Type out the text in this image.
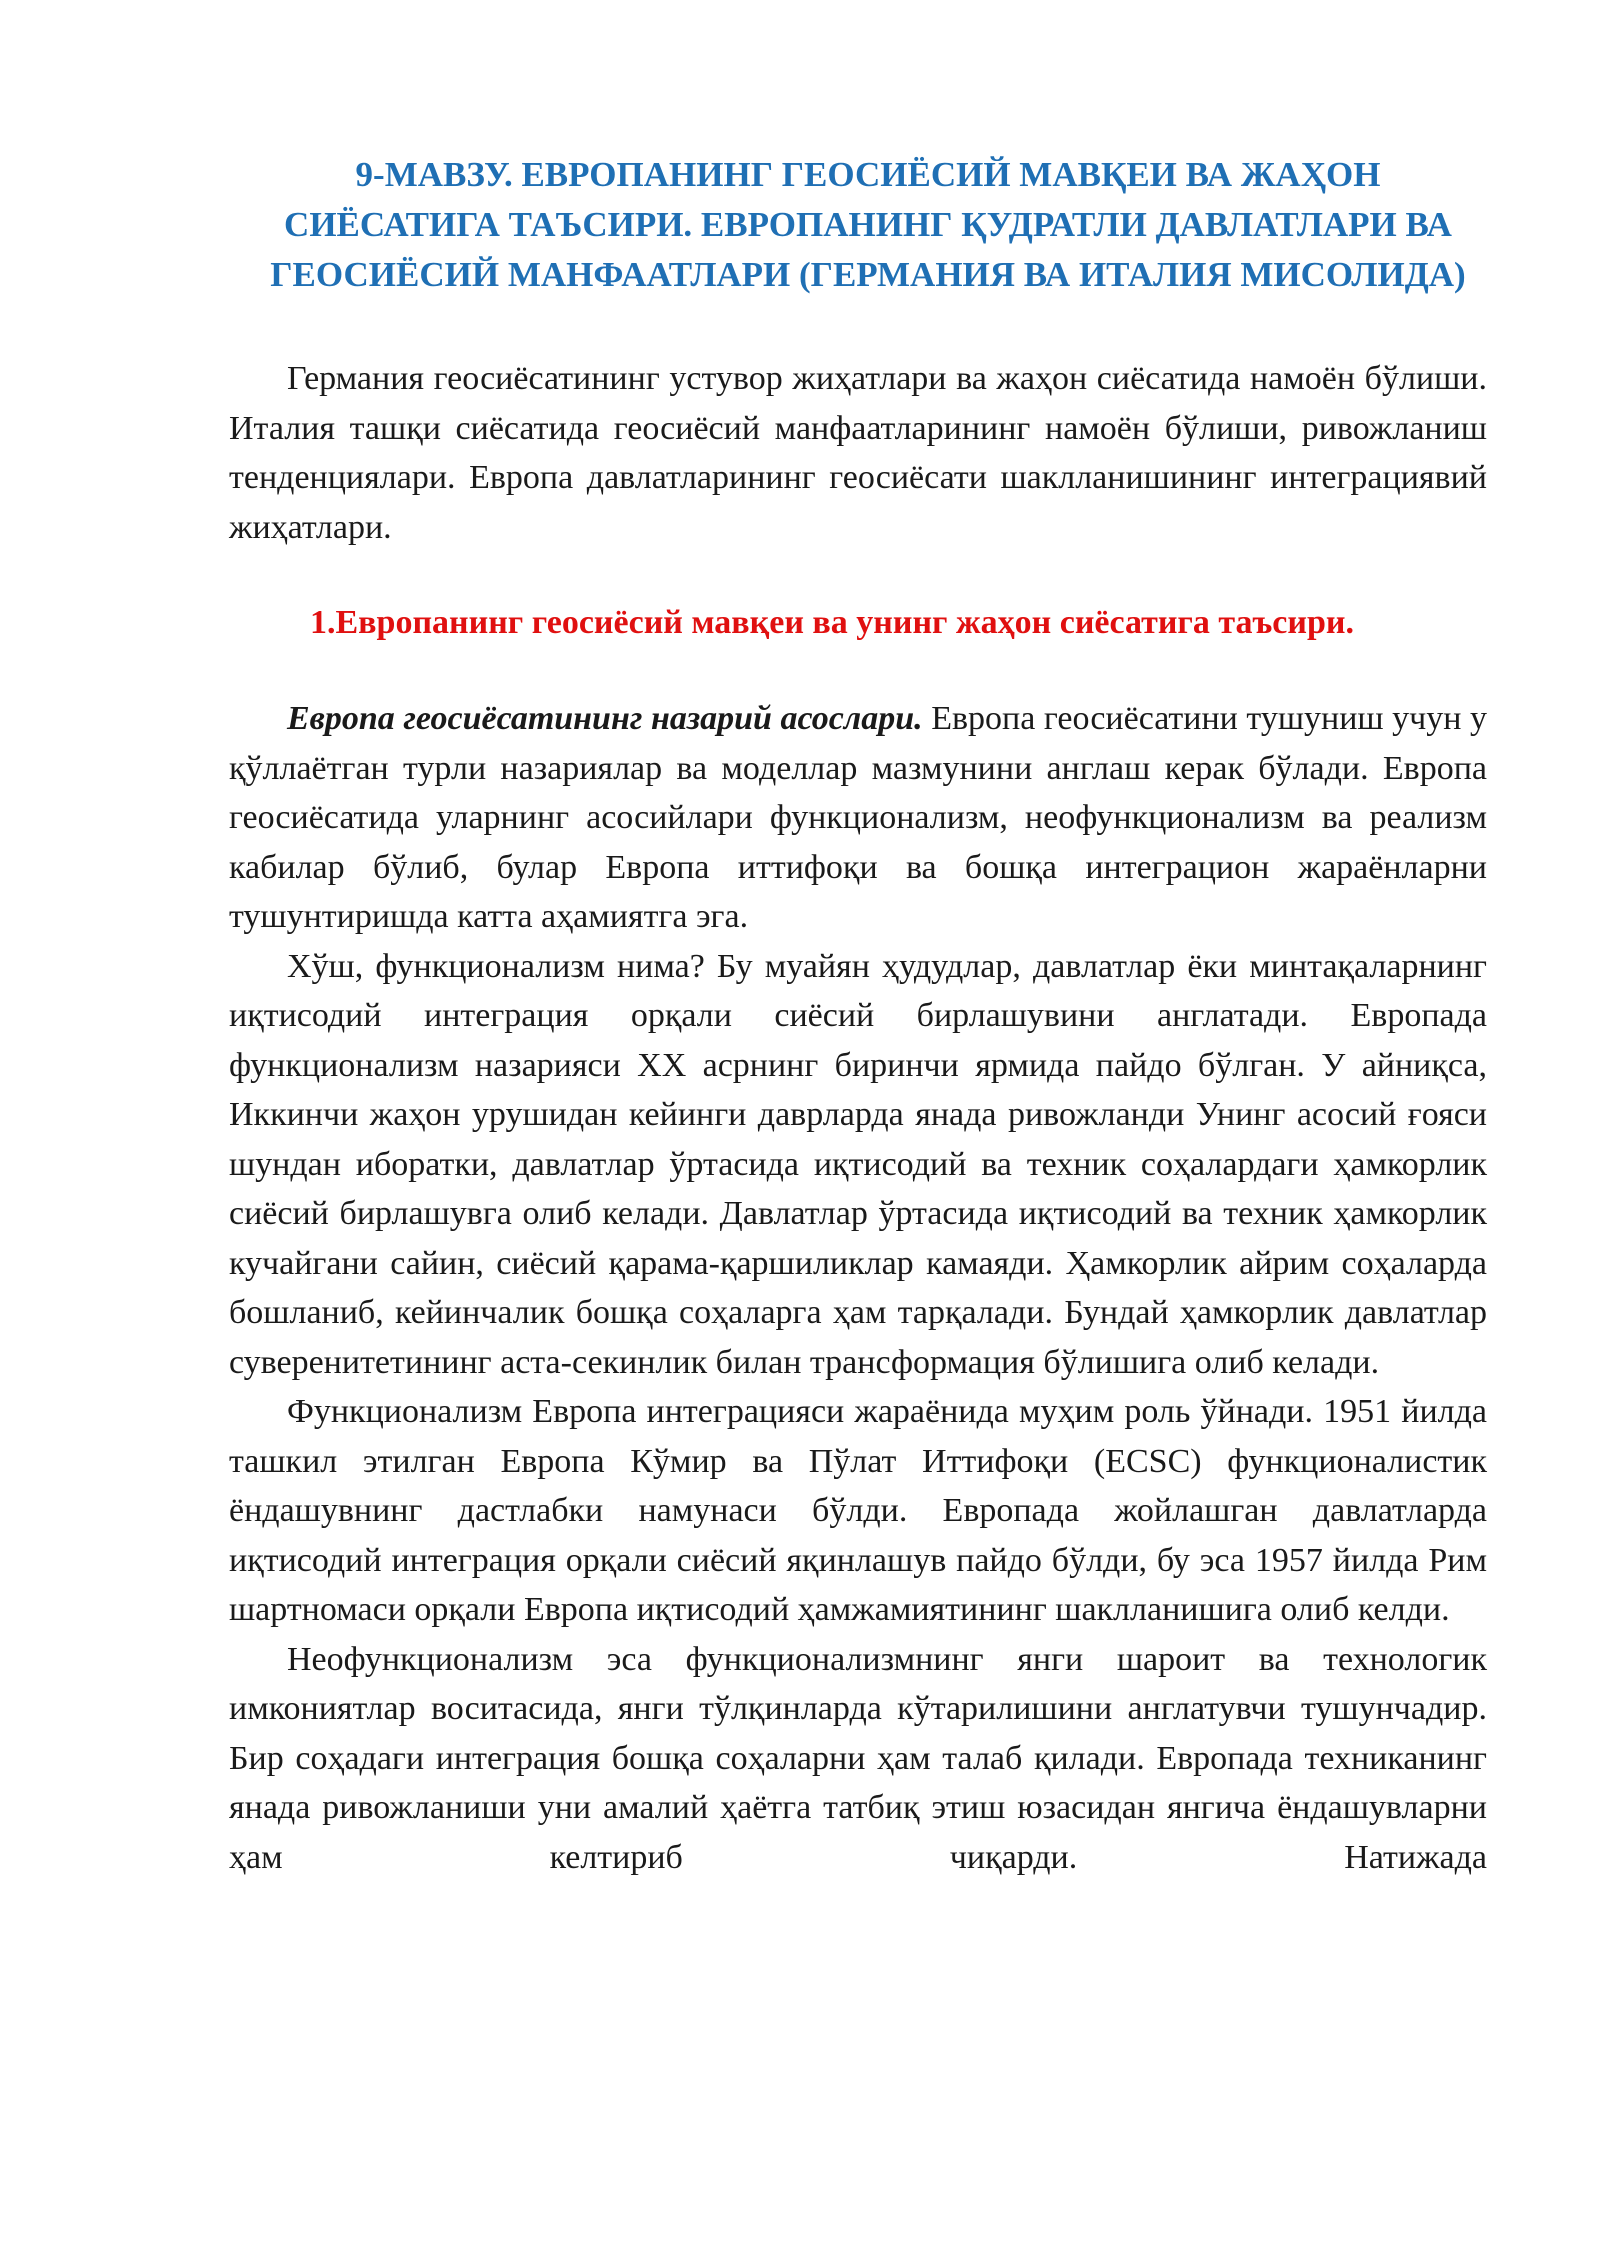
9-МАВЗУ. ЕВРОПАНИНГ ГЕОСИЁСИЙ МАВҚЕИ ВА ЖАҲОН СИЁСАТИГА ТАЪСИРИ. ЕВРОПАНИНГ ҚУДРАТЛИ ДАВЛАТЛАРИ ВА ГЕОСИЁСИЙ МАНФААТЛАРИ (ГЕРМАНИЯ ВА ИТАЛИЯ МИСОЛИДА)

Германия геосиёсатининг устувор жиҳатлари ва жаҳон сиёсатида намоён бўлиши. Италия ташқи сиёсатида геосиёсий манфаатларининг намоён бўлиши, ривожланиш тенденциялари. Европа давлатларининг геосиёсати шаклланишининг интеграциявий жиҳатлари.

1.Европанинг геосиёсий мавқеи ва унинг жаҳон сиёсатига таъсири.

Европа геосиёсатининг назарий асослари. Европа геосиёсатини тушуниш учун у қўллаётган турли назариялар ва моделлар мазмунини англаш керак бўлади. Европа геосиёсатида уларнинг асосийлари функционализм, неофункционализм ва реализм кабилар бўлиб, булар Европа иттифоқи ва бошқа интеграцион жараёнларни тушунтиришда катта аҳамиятга эга.

Хўш, функционализм нима? Бу муайян ҳудудлар, давлатлар ёки минтақаларнинг иқтисодий интеграция орқали сиёсий бирлашувини англатади. Европада функционализм назарияси XX асрнинг биринчи ярмида пайдо бўлган. У айниқса, Иккинчи жаҳон урушидан кейинги даврларда янада ривожланди Унинг асосий ғояси шундан иборатки, давлатлар ўртасида иқтисодий ва техник соҳалардаги ҳамкорлик сиёсий бирлашувга олиб келади. Давлатлар ўртасида иқтисодий ва техник ҳамкорлик кучайгани сайин, сиёсий қарама-қаршиликлар камаяди. Ҳамкорлик айрим соҳаларда бошланиб, кейинчалик бошқа соҳаларга ҳам тарқалади. Бундай ҳамкорлик давлатлар суверенитетининг аста-секинлик билан трансформация бўлишига олиб келади.

Функционализм Европа интеграцияси жараёнида муҳим роль ўйнади. 1951 йилда ташкил этилган Европа Кўмир ва Пўлат Иттифоқи (ECSC) функционалистик ёндашувнинг дастлабки намунаси бўлди. Европада жойлашган давлатларда иқтисодий интеграция орқали сиёсий яқинлашув пайдо бўлди, бу эса 1957 йилда Рим шартномаси орқали Европа иқтисодий ҳамжамиятининг шаклланишига олиб келди.

Неофункционализм эса функционализмнинг янги шароит ва технологик имкониятлар воситасида, янги тўлқинларда кўтарилишини англатувчи тушунчадир. Бир соҳадаги интеграция бошқа соҳаларни ҳам талаб қилади. Европада техниканинг янада ривожланиши уни амалий ҳаётга татбиқ этиш юзасидан янгича ёндашувларни ҳам келтириб чиқарди. Натижада
